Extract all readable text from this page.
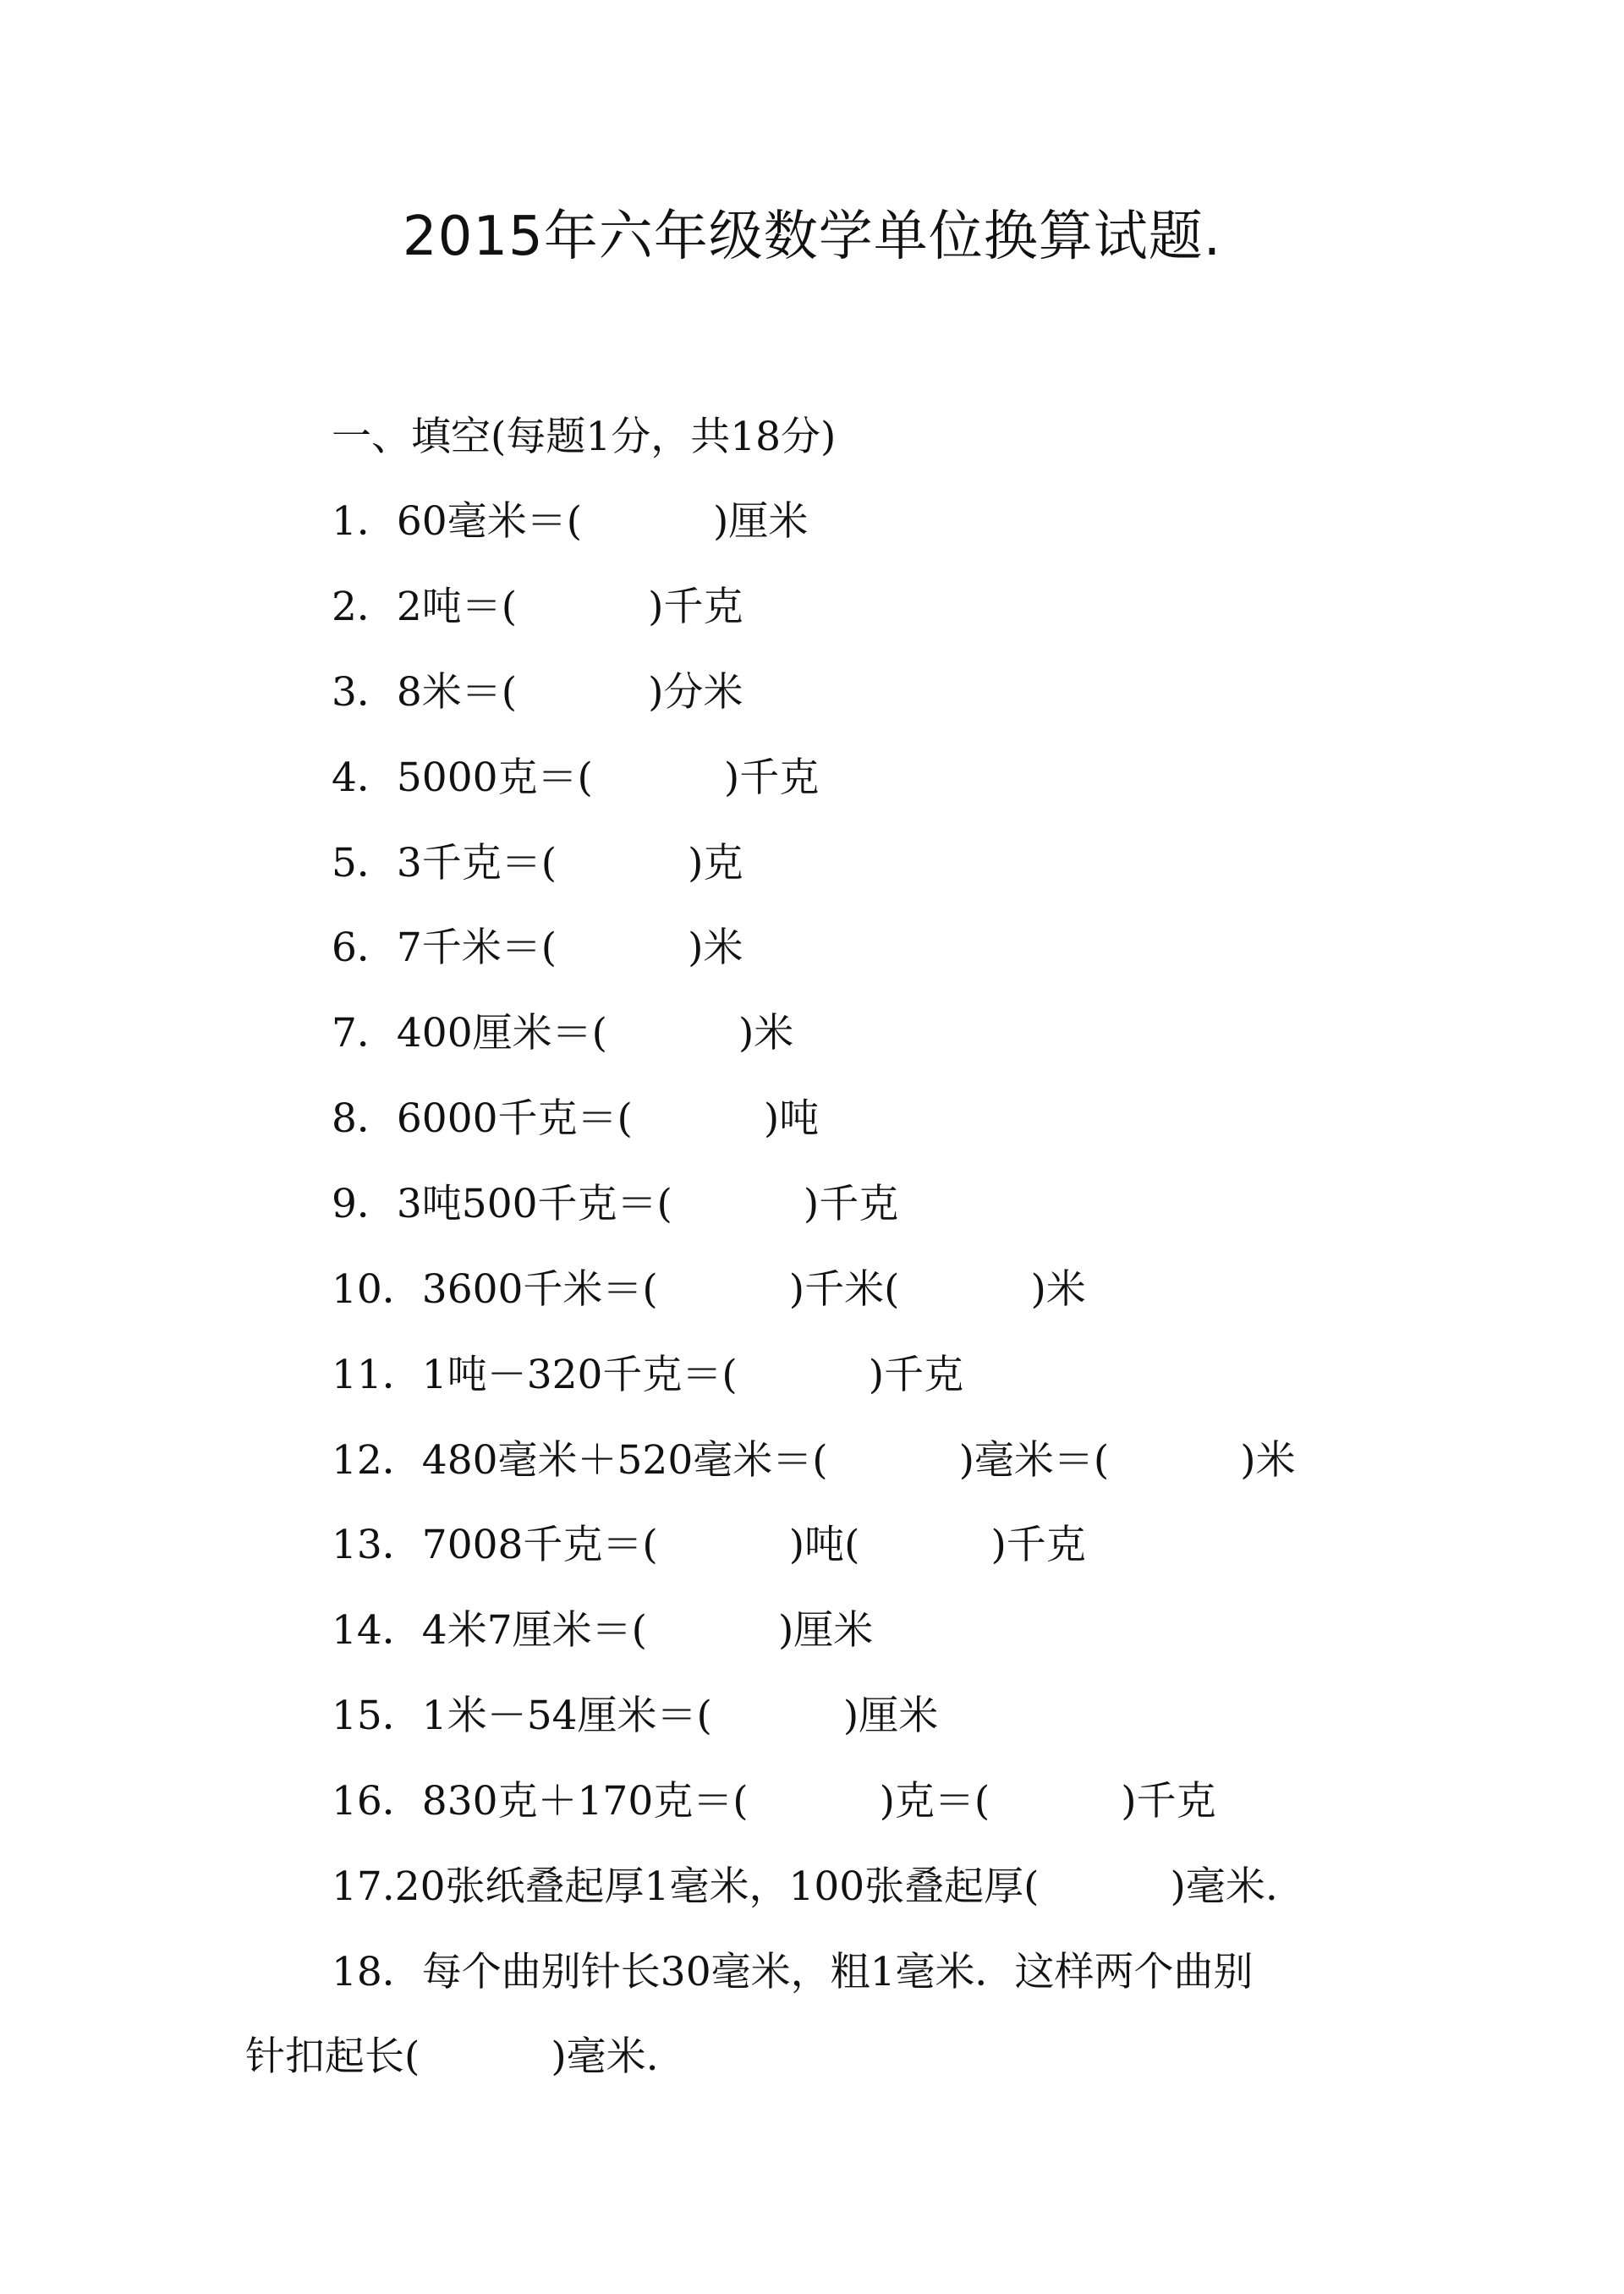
2015年六年级数学单位换算试题.
一、填空(每题1分，共18分)
1．60毫米＝(	)厘米
2．2吨＝(	)千克
3．8米＝(	)分米
4．5000克＝(	)千克
5．3千克＝(	)克
6．7千米＝(	)米
7．400厘米＝(	)米
8．6000千克＝(	)吨
9．3吨500千克＝(	)千克
10．3600千米＝(	)千米(	)米
11．1吨－320千克＝(	)千克
12．480毫米＋520毫米＝(	)毫米＝(	)米
13．7008千克＝(	)吨(	)千克
14．4米7厘米＝(	)厘米
15．1米－54厘米＝(	)厘米
16．830克＋170克＝(	)克＝(	)千克
17.20张纸叠起厚1毫米，100张叠起厚(	)毫米.
18．每个曲别针长30毫米，粗1毫米．这样两个曲别
针扣起长(	)毫米.
